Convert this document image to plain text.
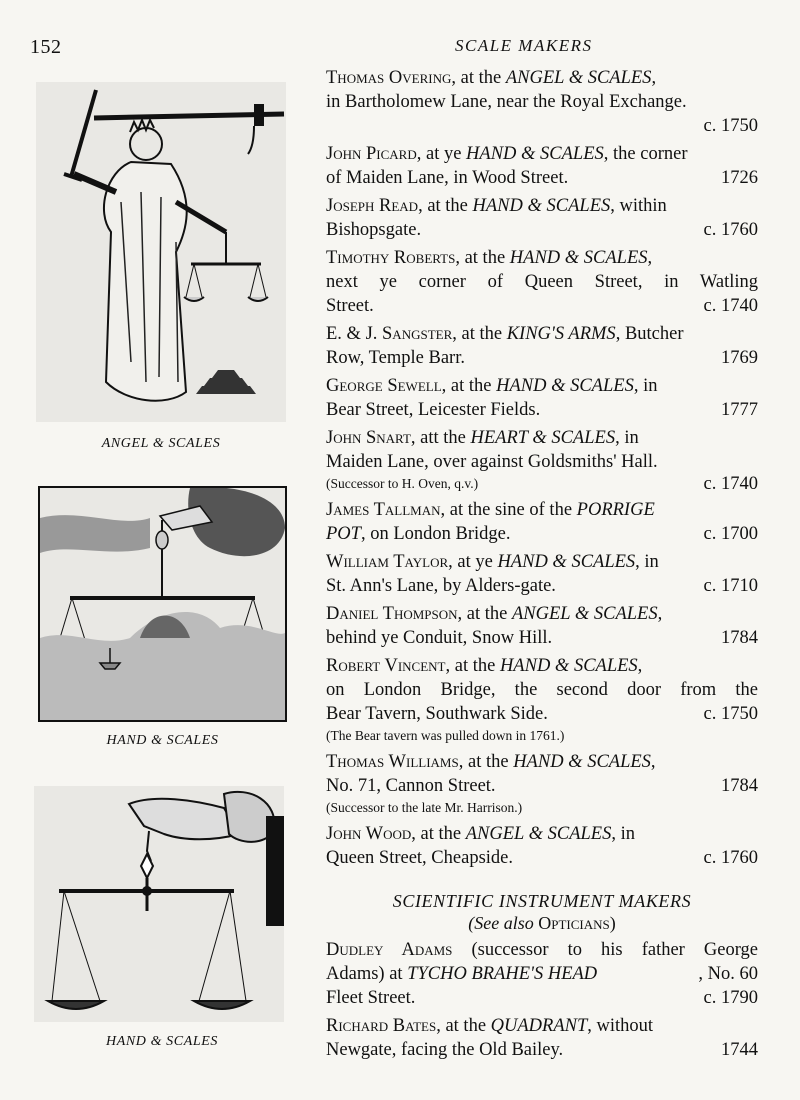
152	SCALE MAKERS
ANGEL & SCALES
HAND & SCALES
HAND & SCALES
Thomas Overing, at the ANGEL & SCALES,
in Bartholomew Lane, near the Royal Exchange.
c. 1750
John Picard, at ye HAND & SCALES, the corner
of Maiden Lane, in Wood Street.	1726
Joseph Read, at the HAND & SCALES, within
Bishopsgate.	c. 1760
Timothy Roberts, at the HAND & SCALES,
next ye corner of Queen Street, in Watling
Street.	c. 1740
E. & J. Sangster, at the KING'S ARMS, Butcher
Row, Temple Barr.	1769
George Sewell, at the HAND & SCALES, in
Bear Street, Leicester Fields.	1777
John Snart, att the HEART & SCALES, in
Maiden Lane, over against Goldsmiths' Hall.
(Successor to H. Oven, q.v.)	c. 1740
James Tallman, at the sine of the PORRIGE
POT, on London Bridge.	c. 1700
William Taylor, at ye HAND & SCALES, in
St. Ann's Lane, by Alders-gate.	c. 1710
Daniel Thompson, at the ANGEL & SCALES,
behind ye Conduit, Snow Hill.	1784
Robert Vincent, at the HAND & SCALES,
on London Bridge, the second door from the
Bear Tavern, Southwark Side.	c. 1750
(The Bear tavern was pulled down in 1761.)
Thomas Williams, at the HAND & SCALES,
No. 71, Cannon Street.	1784
(Successor to the late Mr. Harrison.)
John Wood, at the ANGEL & SCALES, in
Queen Street, Cheapside.	c. 1760
SCIENTIFIC INSTRUMENT MAKERS
(See also Opticians)
Dudley Adams (successor to his father George
Adams) at TYCHO BRAHE'S HEAD	, No. 60
Fleet Street.	c. 1790
Richard Bates, at the QUADRANT, without
Newgate, facing the Old Bailey.	1744
